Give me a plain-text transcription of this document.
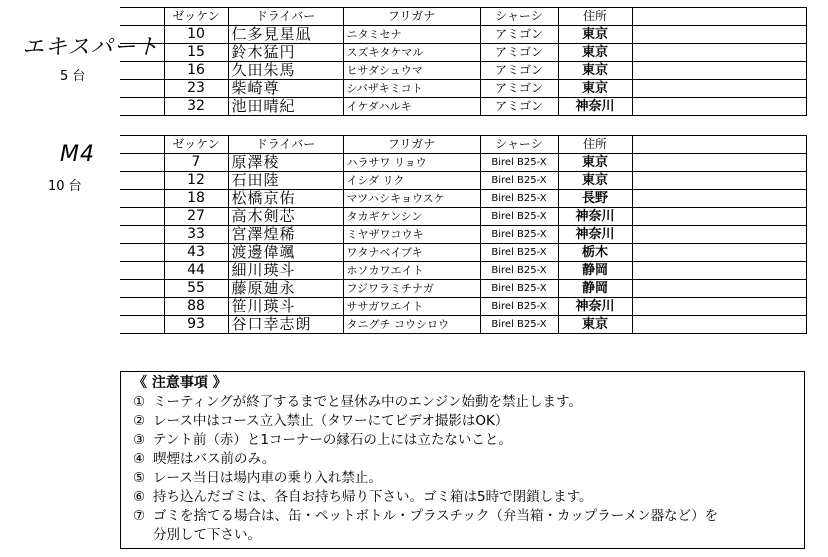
エキスパート
5 台
	ゼッケン	ドライバー	フリガナ	シャーシ	住所	
	10	仁多見星凪	ニタミセナ	アミゴン	東京	
	15	鈴木猛円	スズキタケマル	アミゴン	東京	
	16	久田朱馬	ヒサダシュウマ	アミゴン	東京	
	23	柴崎尊	シバザキミコト	アミゴン	東京	
	32	池田晴紀	イケダハルキ	アミゴン	神奈川	
M4
10 台
	ゼッケン	ドライバー	フリガナ	シャーシ	住所	
	7	原澤稜	ハラサワ リョウ	Birel B25-X	東京	
	12	石田陸	イシダ リク	Birel B25-X	東京	
	18	松橋京佑	マツハシキョウスケ	Birel B25-X	長野	
	27	高木剣芯	タカギケンシン	Birel B25-X	神奈川	
	33	宮澤煌稀	ミヤザワコウキ	Birel B25-X	神奈川	
	43	渡邊偉颯	ワタナベイブキ	Birel B25-X	栃木	
	44	細川瑛斗	ホソカワエイト	Birel B25-X	静岡	
	55	藤原廸永	フジワラミチナガ	Birel B25-X	静岡	
	88	笹川瑛斗	ササガワエイト	Birel B25-X	神奈川	
	93	谷口幸志朗	タニグチ コウシロウ	Birel B25-X	東京	
《 注意事項 》
① ミーティングが終了するまでと昼休み中のエンジン始動を禁止します。
② レース中はコース立入禁止（タワーにてビデオ撮影はOK）
③ テント前（赤）と1コーナーの縁石の上には立たないこと。
④ 喫煙はバス前のみ。
⑤ レース当日は場内車の乗り入れ禁止。
⑥ 持ち込んだゴミは、各自お持ち帰り下さい。ゴミ箱は5時で閉鎖します。
⑦ ゴミを捨てる場合は、缶・ペットボトル・プラスチック（弁当箱・カップラーメン器など）を
分別して下さい。
